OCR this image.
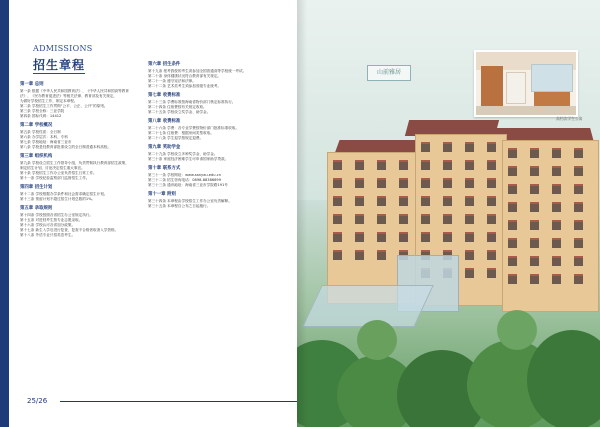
ADMISSIONS
招生章程
第一章 总则
第一条 根据《中华人民共和国教育法》、《中华人民共和国高等教育
法》、《民办教育促进法》等相关法律、教育部及有关规定，
为做好学校招生工作，制定本章程。
第二条 学校招生工作贯彻“公平、公正、公开”的原则。
第三条 学校全称：三亚学院
第四条 国标代码：14412
第二章 学校概况
第五条 学校性质：全日制
第六条 办学层次：本科、专科
第七条 学校地址：海南省三亚市
第八条 学校是经教育部批准设立的全日制普通本科高校。
第三章 组织机构
第九条 学校设立招生工作领导小组，负责贯彻执行教育部招生政策，
制定招生计划，讨论决定招生重大事宜。
第十条 学校招生工作办公室负责招生日常工作。
第十一条 学校纪检监察部门监督招生工作。
第四章 招生计划
第十二条 学校根据办学条件和社会需求确定招生计划。
第十三条 预留计划不超过招生计划总数的1%。
第五章 录取规则
第十四条 学校按照各省招生办公室规定执行。
第十五条 对进档考生按专业志愿录取。
第十六条 学校认可各省加分政策。
第十七条 新生入学后进行复查，复查不合格者取消入学资格。
第十八条 外语专业只招英语考生。
第六章 招生条件
第十九条 报考我校的考生须参加全国普通高等学校统一考试。
第二十条 身体健康状况符合教育部有关规定。
第二十一条 遵守宪法和法律。
第二十二条 艺术类考生须参加省级专业统考。
第七章 收费标准
第二十三条 学费标准按海南省物价部门核定标准执行。
第二十四条 住宿费按有关规定收取。
第二十五条 学校设立奖学金、助学金。
第八章 收费标准
第二十六条 学费：各专业学费按物价部门批准标准收取。
第二十七条 住宿费：根据房间类型收取。
第二十八条 学生退学按规定退费。
第九章 奖助学金
第二十九条 学校设立多种奖学金、助学金。
第三十条 家庭经济困难学生可申请国家助学贷款。
第十章 联系方式
第三十一条 学校网址：www.sanyau.edu.cn
第三十二条 招生咨询电话：0898-88386699
第三十三条 通讯地址：海南省三亚市学院路191号
第十一章 附则
第三十四条 本章程由学校招生工作办公室负责解释。
第三十五条 本章程自公布之日起施行。
25/26
山前雅居
高档次学生公寓
